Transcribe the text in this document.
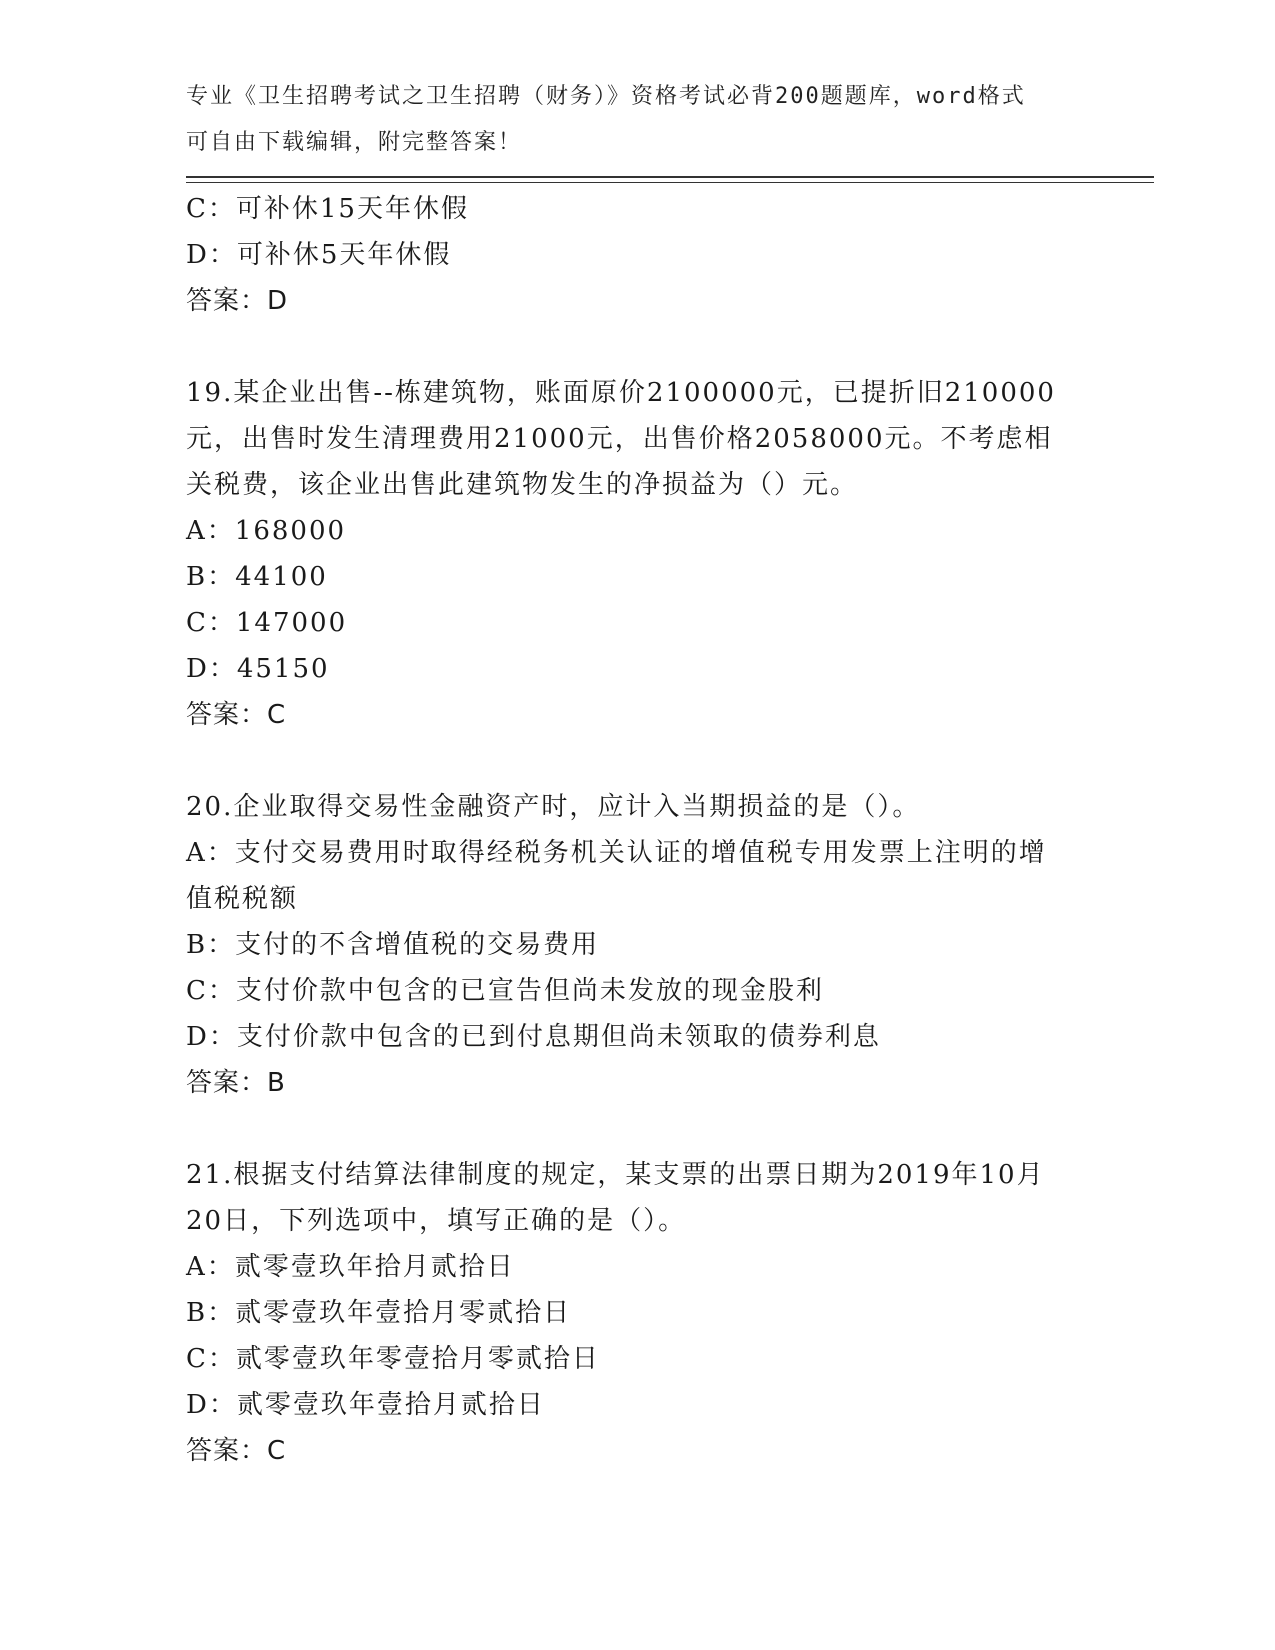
专业《卫生招聘考试之卫生招聘（财务）》资格考试必背200题题库，word格式
可自由下载编辑，附完整答案！
C：可补休15天年休假
D：可补休5天年休假
答案：D
19.某企业出售--栋建筑物，账面原价2100000元，已提折旧210000
元，出售时发生清理费用21000元，出售价格2058000元。不考虑相
关税费，该企业出售此建筑物发生的净损益为（）元。
A：168000
B：44100
C：147000
D：45150
答案：C
20.企业取得交易性金融资产时，应计入当期损益的是（）。
A：支付交易费用时取得经税务机关认证的增值税专用发票上注明的增
值税税额
B：支付的不含增值税的交易费用
C：支付价款中包含的已宣告但尚未发放的现金股利
D：支付价款中包含的已到付息期但尚未领取的债券利息
答案：B
21.根据支付结算法律制度的规定，某支票的出票日期为2019年10月
20日，下列选项中，填写正确的是（）。
A：贰零壹玖年拾月贰拾日
B：贰零壹玖年壹拾月零贰拾日
C：贰零壹玖年零壹拾月零贰拾日
D：贰零壹玖年壹拾月贰拾日
答案：C
